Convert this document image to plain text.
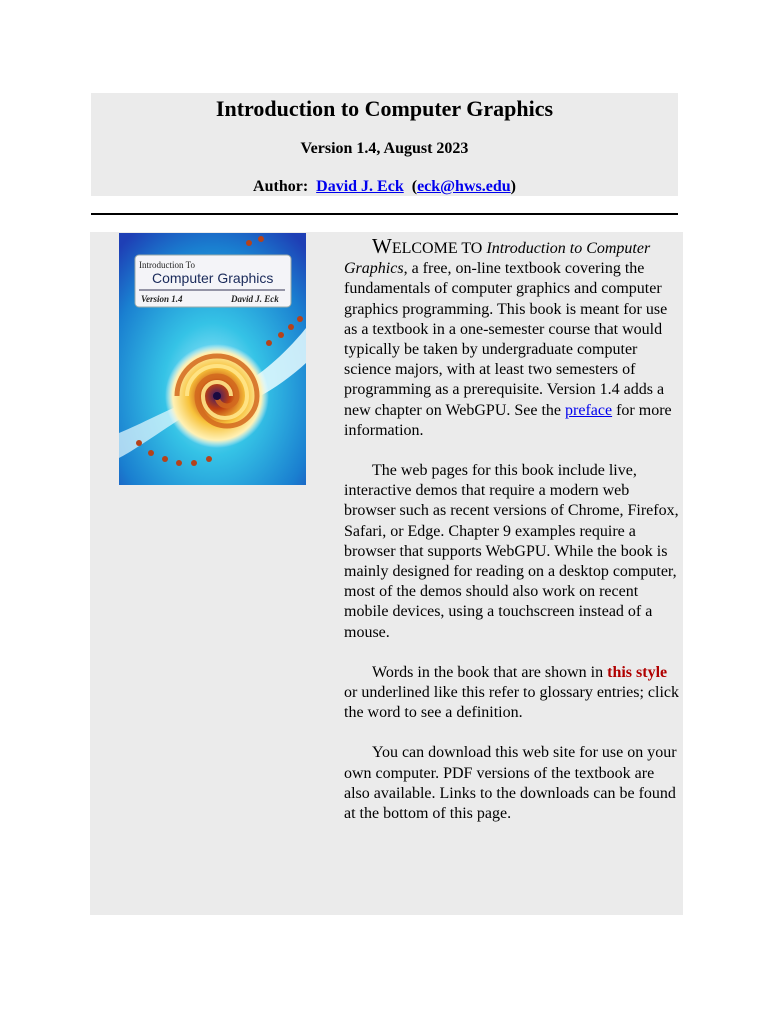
Introduction to Computer Graphics
Version 1.4, August 2023
Author: David J. Eck  (eck@hws.edu)
Introduction To
Computer Graphics
Version 1.4	David J. Eck

WELCOME TO Introduction to Computer Graphics, a free, on-line textbook covering the fundamentals of computer graphics and computer graphics programming. This book is meant for use as a textbook in a one-semester course that would typically be taken by undergraduate computer science majors, with at least two semesters of programming as a prerequisite. Version 1.4 adds a new chapter on WebGPU. See the preface for more information.

The web pages for this book include live, interactive demos that require a modern web browser such as recent versions of Chrome, Firefox, Safari, or Edge. Chapter 9 examples require a browser that supports WebGPU. While the book is mainly designed for reading on a desktop computer, most of the demos should also work on recent mobile devices, using a touchscreen instead of a mouse.

Words in the book that are shown in this style or underlined like this refer to glossary entries; click the word to see a definition.

You can download this web site for use on your own computer. PDF versions of the textbook are also available. Links to the downloads can be found at the bottom of this page.
